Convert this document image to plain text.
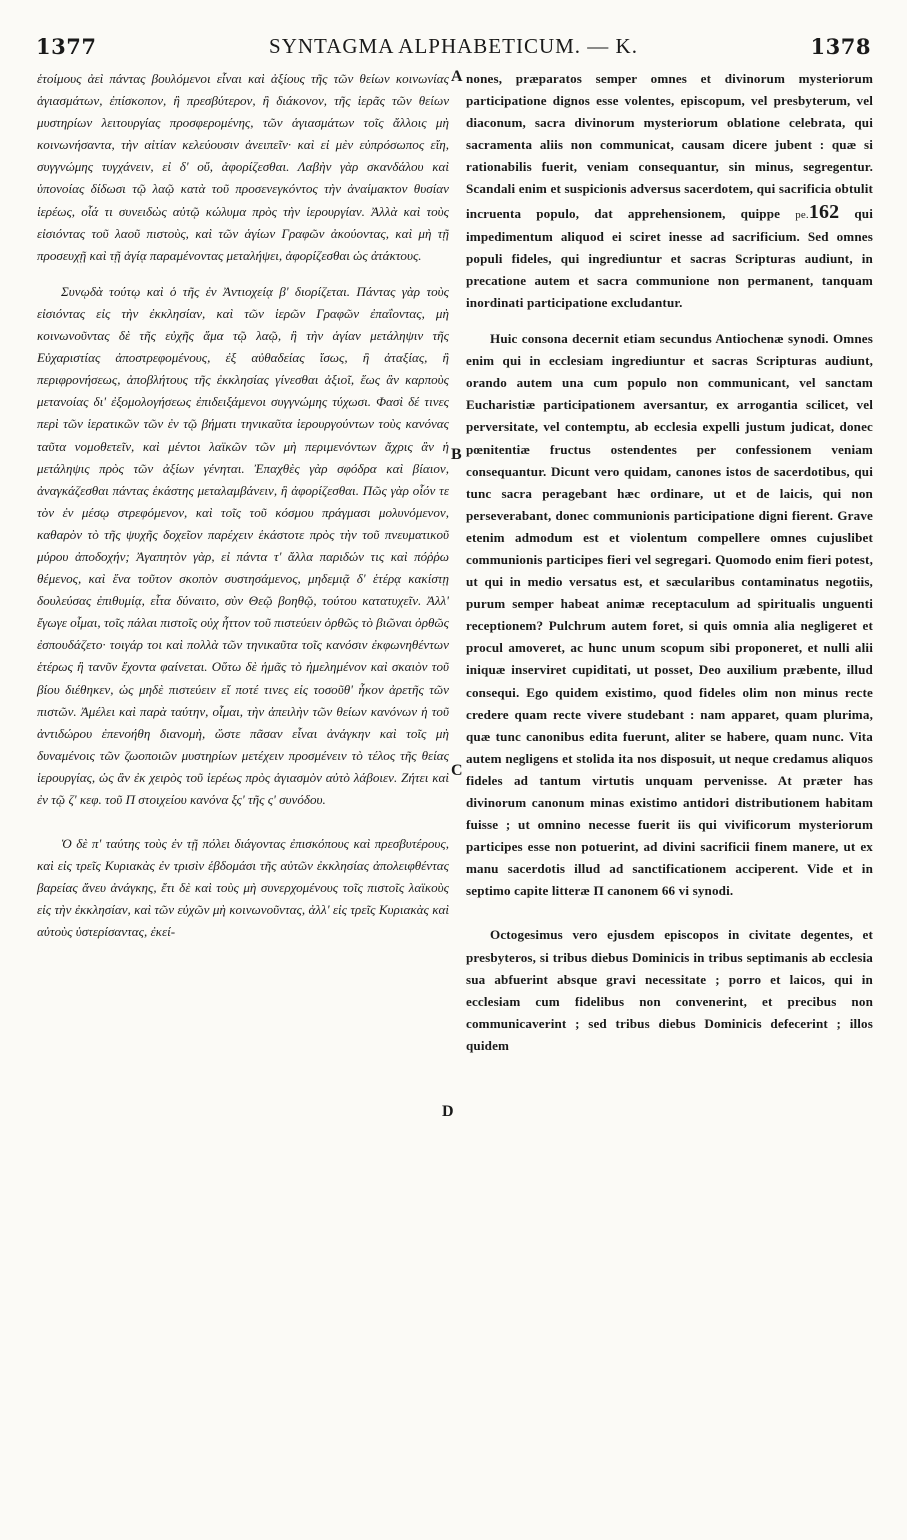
1377	SYNTAGMA ALPHABETICUM. — K.	1378

ἑτοίμους ἀεὶ πάντας βουλόμενοι εἶναι καὶ ἀξίους τῆς τῶν θείων κοινωνίας ἁγιασμάτων, ἐπίσκοπον, ἢ πρεσβύτερον, ἢ διάκονον, τῆς ἱερᾶς τῶν θείων μυστηρίων λειτουργίας προσφερομένης, τῶν ἁγιασμάτων τοῖς ἄλλοις μὴ κοινωνήσαντα, τὴν αἰτίαν κελεύουσιν ἀνειπεῖν· καὶ εἰ μὲν εὐπρόσωπος εἴη, συγγνώμης τυγχάνειν, εἰ δ' οὔ, ἀφορίζεσθαι. Λαβὴν γὰρ σκανδάλου καὶ ὑπονοίας δίδωσι τῷ λαῷ κατὰ τοῦ προσενεγκόντος τὴν ἀναίμακτον θυσίαν ἱερέως, οἷά τι συνειδὼς αὐτῷ κώλυμα πρὸς τὴν ἱερουργίαν. Ἀλλὰ καὶ τοὺς εἰσιόντας τοῦ λαοῦ πιστοὺς, καὶ τῶν ἁγίων Γραφῶν ἀκούοντας, καὶ μὴ τῇ προσευχῇ καὶ τῇ ἁγίᾳ παραμένοντας μεταλήψει, ἀφορίζεσθαι ὡς ἀτάκτους.

Συνῳδὰ τούτῳ καὶ ὁ τῆς ἐν Ἀντιοχείᾳ β' διορίζεται. Πάντας γὰρ τοὺς εἰσιόντας εἰς τὴν ἐκκλησίαν, καὶ τῶν ἱερῶν Γραφῶν ἐπαΐοντας, μὴ κοινωνοῦντας δὲ τῆς εὐχῆς ἅμα τῷ λαῷ, ἢ τὴν ἁγίαν μετάληψιν τῆς Εὐχαριστίας ἀποστρεφομένους, ἐξ αὐθαδείας ἴσως, ἢ ἀταξίας, ἢ περιφρονήσεως, ἀποβλήτους τῆς ἐκκλησίας γίνεσθαι ἀξιοῖ, ἕως ἂν καρποὺς μετανοίας δι' ἐξομολογήσεως ἐπιδειξάμενοι συγγνώμης τύχωσι. Φασὶ δέ τινες περὶ τῶν ἱερατικῶν τῶν ἐν τῷ βήματι τηνικαῦτα ἱερουργούντων τοὺς κανόνας ταῦτα νομοθετεῖν, καὶ μέντοι λαϊκῶν τῶν μὴ περιμενόντων ἄχρις ἂν ἡ μετάληψις πρὸς τῶν ἀξίων γένηται. Ἐπαχθὲς γὰρ σφόδρα καὶ βίαιον, ἀναγκάζεσθαι πάντας ἑκάστης μεταλαμβάνειν, ἢ ἀφορίζεσθαι. Πῶς γὰρ οἷόν τε τὸν ἐν μέσῳ στρεφόμενον, καὶ τοῖς τοῦ κόσμου πράγμασι μολυνόμενον, καθαρὸν τὸ τῆς ψυχῆς δοχεῖον παρέχειν ἑκάστοτε πρὸς τὴν τοῦ πνευματικοῦ μύρου ἀποδοχήν; Ἀγαπητὸν γὰρ, εἰ πάντα τ' ἄλλα παριδών τις καὶ πόῤῥω θέμενος, καὶ ἕνα τοῦτον σκοπὸν συστησάμενος, μηδεμιᾷ δ' ἑτέρᾳ κακίστῃ δουλεύσας ἐπιθυμίᾳ, εἶτα δύναιτο, σὺν Θεῷ βοηθῷ, τούτου κατατυχεῖν. Ἀλλ' ἔγωγε οἶμαι, τοῖς πάλαι πιστοῖς οὐχ ἧττον τοῦ πιστεύειν ὀρθῶς τὸ βιῶναι ὀρθῶς ἐσπουδάζετο· τοιγάρ τοι καὶ πολλὰ τῶν τηνικαῦτα τοῖς κανόσιν ἐκφωνηθέντων ἑτέρως ἢ τανῦν ἔχοντα φαίνεται. Οὕτω δὲ ἡμᾶς τὸ ἠμελημένον καὶ σκαιὸν τοῦ βίου διέθηκεν, ὡς μηδὲ πιστεύειν εἴ ποτέ τινες εἰς τοσοῦθ' ἧκον ἀρετῆς τῶν πιστῶν. Ἀμέλει καὶ παρὰ ταύτην, οἶμαι, τὴν ἀπειλὴν τῶν θείων κανόνων ἡ τοῦ ἀντιδώρου ἐπενοήθη διανομὴ, ὥστε πᾶσαν εἶναι ἀνάγκην καὶ τοῖς μὴ δυναμένοις τῶν ζωοποιῶν μυστηρίων μετέχειν προσμένειν τὸ τέλος τῆς θείας ἱερουργίας, ὡς ἂν ἐκ χειρὸς τοῦ ἱερέως πρὸς ἁγιασμὸν αὐτὸ λάβοιεν. Ζήτει καὶ ἐν τῷ ζ' κεφ. τοῦ Π στοιχείου κανόνα ξς' τῆς ς' συνόδου.

Ὁ δὲ π' ταύτης τοὺς ἐν τῇ πόλει διάγοντας ἐπισκόπους καὶ πρεσβυτέρους, καὶ εἰς τρεῖς Κυριακὰς ἐν τρισὶν ἑβδομάσι τῆς αὐτῶν ἐκκλησίας ἀπολειφθέντας βαρείας ἄνευ ἀνάγκης, ἔτι δὲ καὶ τοὺς μὴ συνερχομένους τοῖς πιστοῖς λαϊκοὺς εἰς τὴν ἐκκλησίαν, καὶ τῶν εὐχῶν μὴ κοινωνοῦντας, ἀλλ' εἰς τρεῖς Κυριακὰς καὶ αὐτοὺς ὑστερίσαντας, ἐκεί-

A
B
C
D

nones, præparatos semper omnes et divinorum mysteriorum participatione dignos esse volentes, episcopum, vel presbyterum, vel diaconum, sacra divinorum mysteriorum oblatione celebrata, qui sacramenta aliis non communicat, causam dicere jubent : quæ si rationabilis fuerit, veniam consequantur, sin minus, segregentur. Scandali enim et suspicionis adversus sacerdotem, qui sacrificia obtulit incruenta populo, dat apprehensionem, quippe pe.162 qui impedimentum aliquod ei sciret inesse ad sacrificium. Sed omnes populi fideles, qui ingrediuntur et sacras Scripturas audiunt, in precatione autem et sacra communione non permanent, tanquam inordinati participatione excludantur.

Huic consona decernit etiam secundus Antiochenæ synodi. Omnes enim qui in ecclesiam ingrediuntur et sacras Scripturas audiunt, orando autem una cum populo non communicant, vel sanctam Eucharistiæ participationem aversantur, ex arrogantia scilicet, vel perversitate, vel contemptu, ab ecclesia expelli justum judicat, donec pœnitentiæ fructus ostendentes per confessionem veniam consequantur. Dicunt vero quidam, canones istos de sacerdotibus, qui tunc sacra peragebant hæc ordinare, ut et de laicis, qui non perseverabant, donec communionis participatione digni fierent. Grave etenim admodum est et violentum compellere omnes cujuslibet communionis participes fieri vel segregari. Quomodo enim fieri potest, ut qui in medio versatus est, et sæcularibus contaminatus negotiis, purum semper habeat animæ receptaculum ad spiritualis unguenti receptionem? Pulchrum autem foret, si quis omnia alia negligeret et procul amoveret, ac hunc unum scopum sibi proponeret, et nulli alii iniquæ inserviret cupiditati, ut posset, Deo auxilium præbente, illud consequi. Ego quidem existimo, quod fideles olim non minus recte credere quam recte vivere studebant : nam apparet, quam plurima, quæ tunc canonibus edita fuerunt, aliter se habere, quam nunc. Vita autem negligens et stolida ita nos disposuit, ut neque credamus aliquos fideles ad tantum virtutis unquam pervenisse. At præter has divinorum canonum minas existimo antidori distributionem habitam fuisse ; ut omnino necesse fuerit iis qui vivificorum mysteriorum participes esse non potuerint, ad divini sacrificii finem manere, ut ex manu sacerdotis illud ad sanctificationem acciperent. Vide et in septimo capite litteræ Π canonem 66 vi synodi.

Octogesimus vero ejusdem episcopos in civitate degentes, et presbyteros, si tribus diebus Dominicis in tribus septimanis ab ecclesia sua abfuerint absque gravi necessitate ; porro et laicos, qui in ecclesiam cum fidelibus non convenerint, et precibus non communicaverint ; sed tribus diebus Dominicis defecerint ; illos quidem
